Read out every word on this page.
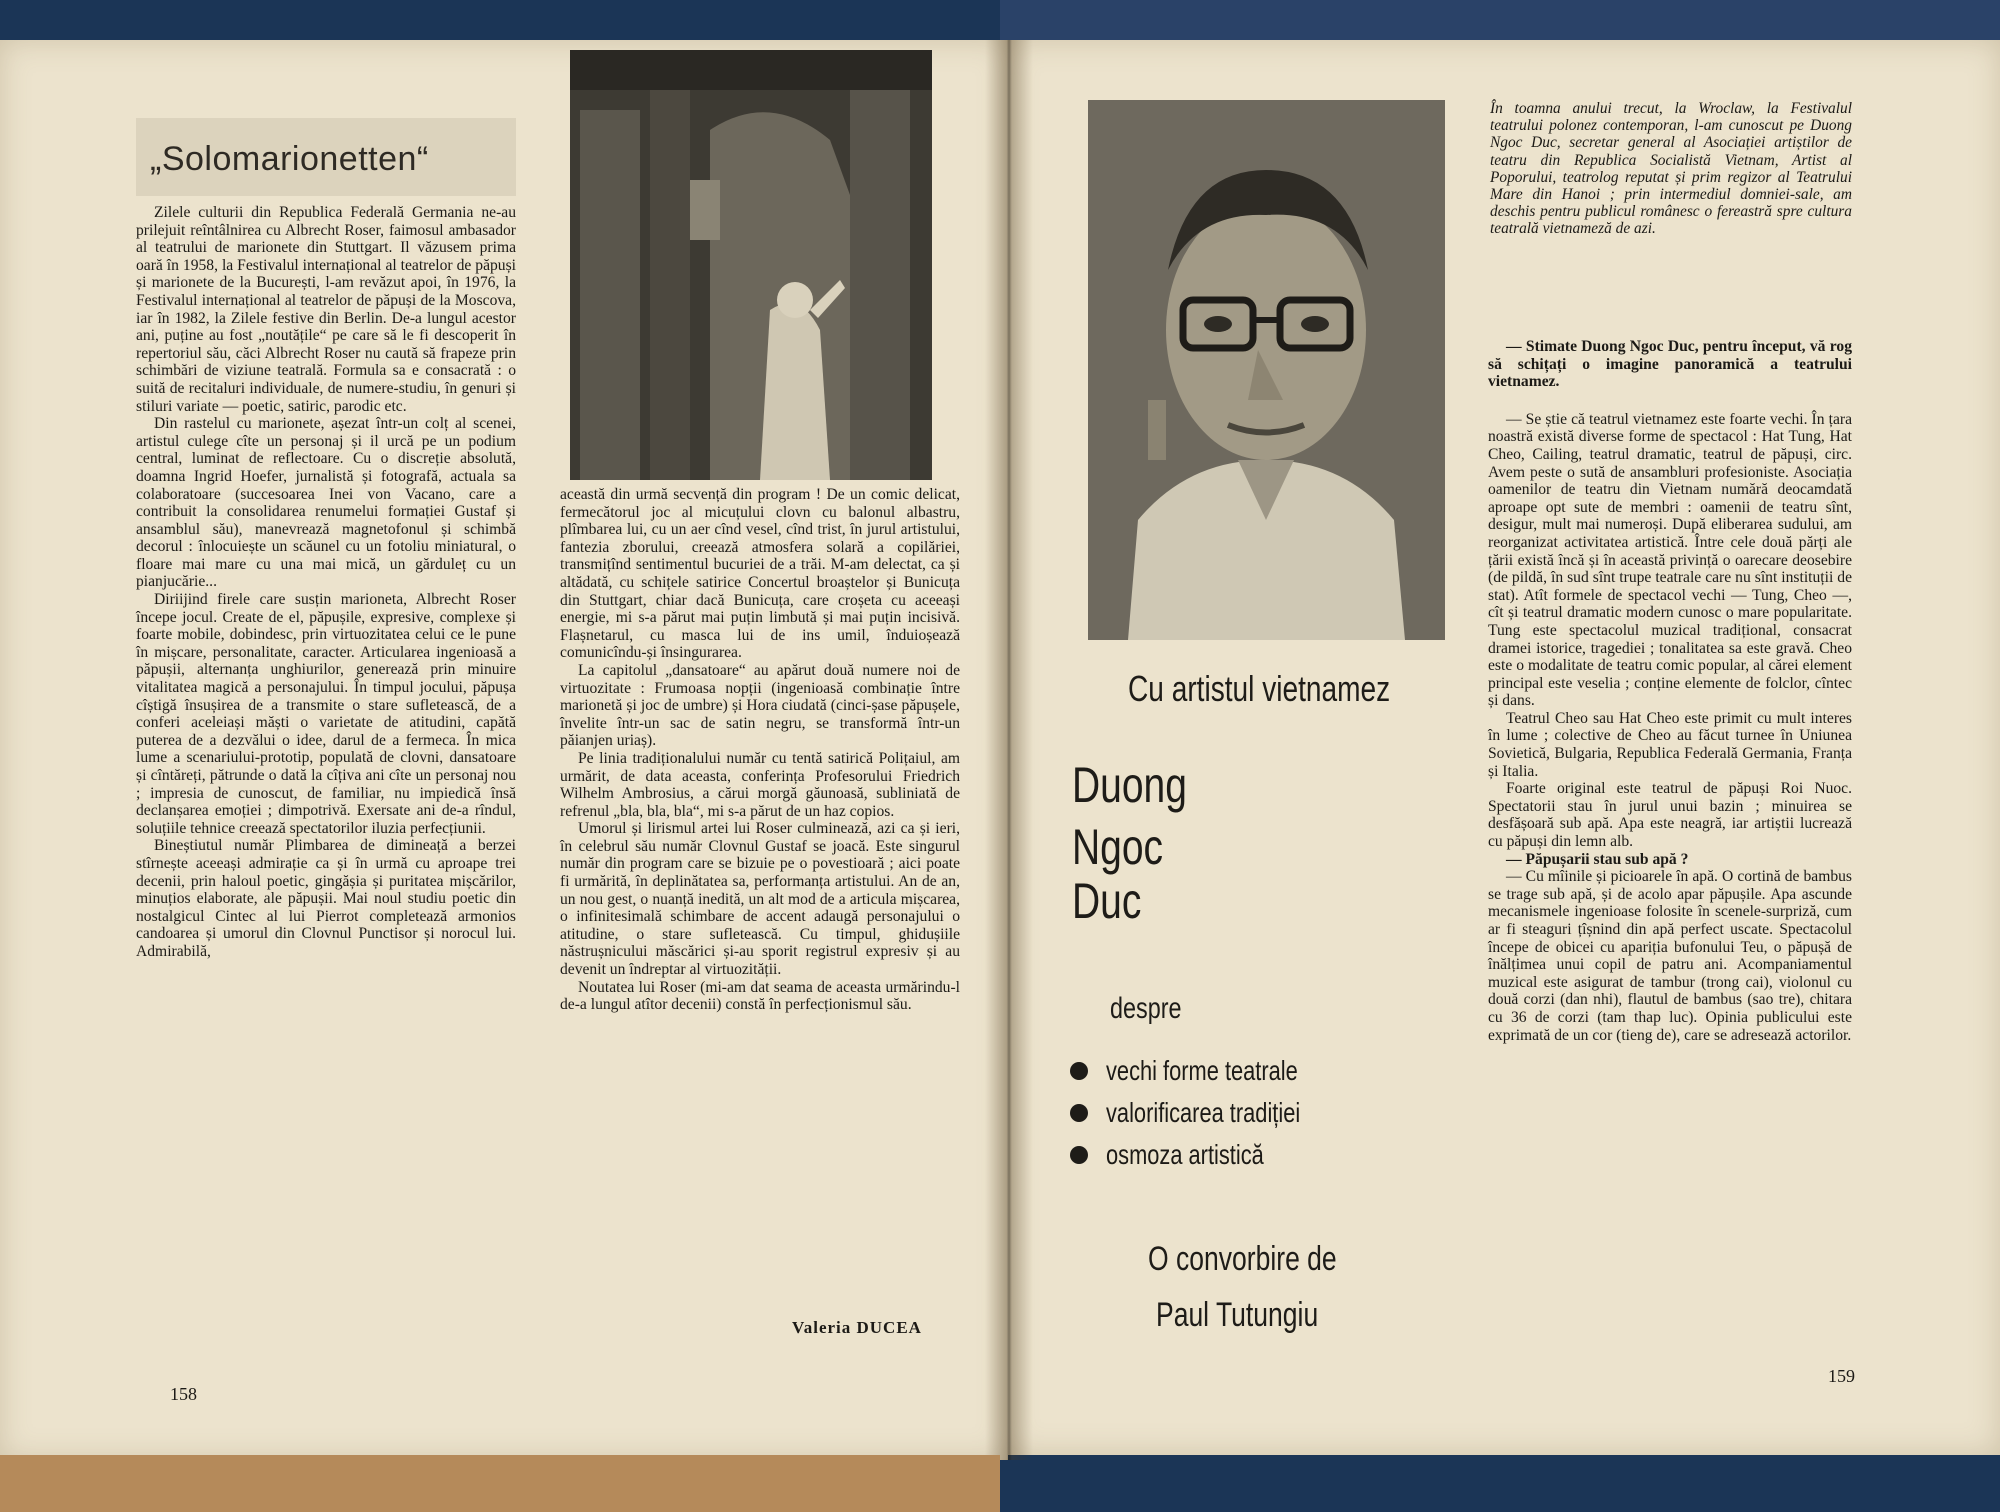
„Solomarionetten“

Zilele culturii din Republica Federală Germania ne-au prilejuit reîntâlnirea cu Albrecht Roser, faimosul ambasador al teatrului de marionete din Stuttgart. Il văzusem prima oară în 1958, la Festivalul internațional al teatrelor de păpuși și marionete de la București, l-am revăzut apoi, în 1976, la Festivalul internațional al teatrelor de păpuși de la Moscova, iar în 1982, la Zilele festive din Berlin. De-a lungul acestor ani, puține au fost „noutățile“ pe care să le fi descoperit în repertoriul său, căci Albrecht Roser nu caută să frapeze prin schimbări de viziune teatrală. Formula sa e consacrată : o suită de recitaluri individuale, de numere-studiu, în genuri și stiluri variate — poetic, satiric, parodic etc.

Din rastelul cu marionete, așezat într-un colț al scenei, artistul culege cîte un personaj și il urcă pe un podium central, luminat de reflectoare. Cu o discreție absolută, doamna Ingrid Hoefer, jurnalistă și fotografă, actuala sa colaboratoare (succesoarea Inei von Vacano, care a contribuit la consolidarea renumelui formației Gustaf și ansamblul său), manevrează magnetofonul și schimbă decorul : înlocuiește un scăunel cu un fotoliu miniatural, o floare mai mare cu una mai mică, un gărduleț cu un pianjucărie...

Diriijind firele care susțin marioneta, Albrecht Roser începe jocul. Create de el, păpușile, expresive, complexe și foarte mobile, dobindesc, prin virtuozitatea celui ce le pune în mișcare, personalitate, caracter. Articularea ingenioasă a păpușii, alternanța unghiurilor, generează prin minuire vitalitatea magică a personajului. În timpul jocului, păpușa cîștigă însușirea de a transmite o stare sufletească, de a conferi aceleiași măști o varietate de atitudini, capătă puterea de a dezvălui o idee, darul de a fermeca. În mica lume a scenariului-prototip, populată de clovni, dansatoare și cîntăreți, pătrunde o dată la cîțiva ani cîte un personaj nou ; impresia de cunoscut, de familiar, nu impiedică însă declanșarea emoției ; dimpotrivă. Exersate ani de-a rîndul, soluțiile tehnice creează spectatorilor iluzia perfecțiunii.

Bineștiutul număr Plimbarea de dimineață a berzei stîrnește aceeași admirație ca și în urmă cu aproape trei decenii, prin haloul poetic, gingășia și puritatea mișcărilor, minuțios elaborate, ale păpușii. Mai noul studiu poetic din nostalgicul Cintec al lui Pierrot completează armonios candoarea și umorul din Clovnul Punctisor și norocul lui. Admirabilă,

această din urmă secvență din program ! De un comic delicat, fermecătorul joc al micuțului clovn cu balonul albastru, plîmbarea lui, cu un aer cînd vesel, cînd trist, în jurul artistului, fantezia zborului, creează atmosfera solară a copilăriei, transmițînd sentimentul bucuriei de a trăi. M-am delectat, ca și altădată, cu schițele satirice Concertul broaștelor și Bunicuța din Stuttgart, chiar dacă Bunicuța, care croșeta cu aceeași energie, mi s-a părut mai puțin limbută și mai puțin incisivă. Flașnetarul, cu masca lui de ins umil, înduioșează comunicîndu-și însingurarea.

La capitolul „dansatoare“ au apărut două numere noi de virtuozitate : Frumoasa nopții (ingenioasă combinație între marionetă și joc de umbre) și Hora ciudată (cinci-șase păpușele, învelite într-un sac de satin negru, se transformă într-un păianjen uriaș).

Pe linia tradiționalului număr cu tentă satirică Polițaiul, am urmărit, de data aceasta, conferința Profesorului Friedrich Wilhelm Ambrosius, a cărui morgă găunoasă, subliniată de refrenul „bla, bla, bla“, mi s-a părut de un haz copios.

Umorul și lirismul artei lui Roser culminează, azi ca și ieri, în celebrul său număr Clovnul Gustaf se joacă. Este singurul număr din program care se bizuie pe o povestioară ; aici poate fi urmărită, în deplinătatea sa, performanța artistului. An de an, un nou gest, o nuanță inedită, un alt mod de a articula mișcarea, o infinitesimală schimbare de accent adaugă personajului o atitudine, o stare sufletească. Cu timpul, ghidușiile năstrușnicului măscărici și-au sporit registrul expresiv și au devenit un îndreptar al virtuozității.

Noutatea lui Roser (mi-am dat seama de aceasta urmărindu-l de-a lungul atîtor decenii) constă în perfecționismul său.

Valeria DUCEA
158
Cu artistul vietnamez
Duong
Ngoc
Duc
despre
vechi forme teatrale
valorificarea tradiției
osmoza artistică
O convorbire de
Paul Tutungiu
În toamna anului trecut, la Wroclaw, la Festivalul teatrului polonez contemporan, l-am cunoscut pe Duong Ngoc Duc, secretar general al Asociației artiștilor de teatru din Republica Socialistă Vietnam, Artist al Poporului, teatrolog reputat și prim regizor al Teatrului Mare din Hanoi ; prin intermediul domniei-sale, am deschis pentru publicul românesc o fereastră spre cultura teatrală vietnameză de azi.

— Stimate Duong Ngoc Duc, pentru început, vă rog să schițați o imagine panoramică a teatrului vietnamez.

— Se știe că teatrul vietnamez este foarte vechi. În țara noastră există diverse forme de spectacol : Hat Tung, Hat Cheo, Cailing, teatrul dramatic, teatrul de păpuși, circ. Avem peste o sută de ansambluri profesioniste. Asociația oamenilor de teatru din Vietnam numără deocamdată aproape opt sute de membri : oamenii de teatru sînt, desigur, mult mai numeroși. După eliberarea sudului, am reorganizat activitatea artistică. Între cele două părți ale țării există încă și în această privință o oarecare deosebire (de pildă, în sud sînt trupe teatrale care nu sînt instituții de stat). Atît formele de spectacol vechi — Tung, Cheo —, cît și teatrul dramatic modern cunosc o mare popularitate. Tung este spectacolul muzical tradițional, consacrat dramei istorice, tragediei ; tonalitatea sa este gravă. Cheo este o modalitate de teatru comic popular, al cărei element principal este veselia ; conține elemente de folclor, cîntec și dans.

Teatrul Cheo sau Hat Cheo este primit cu mult interes în lume ; colective de Cheo au făcut turnee în Uniunea Sovietică, Bulgaria, Republica Federală Germania, Franța și Italia.

Foarte original este teatrul de păpuși Roi Nuoc. Spectatorii stau în jurul unui bazin ; minuirea se desfășoară sub apă. Apa este neagră, iar artiștii lucrează cu păpuși din lemn alb.

— Păpușarii stau sub apă ?

— Cu mîinile și picioarele în apă. O cortină de bambus se trage sub apă, și de acolo apar păpușile. Apa ascunde mecanismele ingenioase folosite în scenele-surpriză, cum ar fi steaguri țîșnind din apă perfect uscate. Spectacolul începe de obicei cu apariția bufonului Teu, o păpușă de înălțimea unui copil de patru ani. Acompaniamentul muzical este asigurat de tambur (trong cai), violonul cu două corzi (dan nhi), flautul de bambus (sao tre), chitara cu 36 de corzi (tam thap luc). Opinia publicului este exprimată de un cor (tieng de), care se adresează actorilor.

159
